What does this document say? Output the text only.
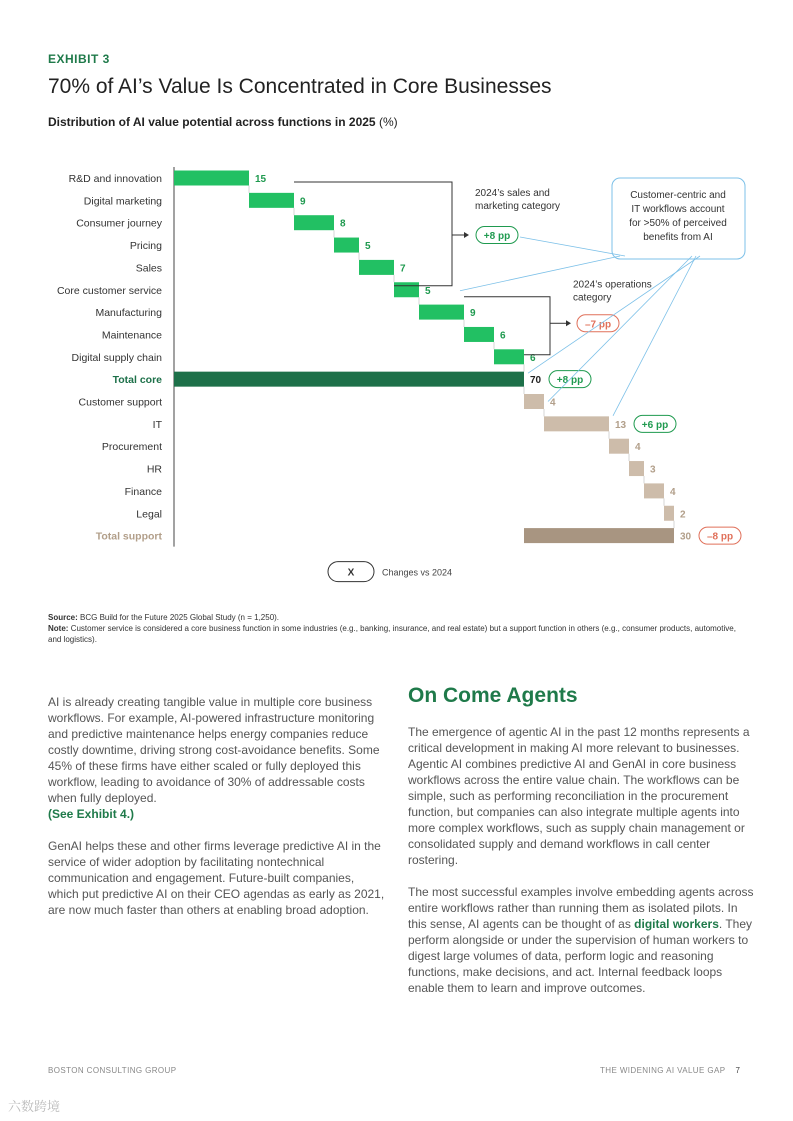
EXHIBIT 3
70% of AI’s Value Is Concentrated in Core Businesses
Distribution of AI value potential across functions in 2025 (%)
R&D and innovation	15
Digital marketing	9
Consumer journey	8
Pricing	5
Sales	7
Core customer service	5
Manufacturing	9
Maintenance	6
Digital supply chain	6
Total core	70
Customer support	4
IT	13
Procurement	4
HR	3
Finance	4
Legal	2
Total support	30
+8 pp
+6 pp
–8 pp
2024’s sales and
marketing category
+8 pp
2024’s operations
category
–7 pp
Customer-centric and
IT workflows account
for >50% of perceived
benefits from AI
X	Changes vs 2024
Source: BCG Build for the Future 2025 Global Study (n = 1,250).
Note: Customer service is considered a core business function in some industries (e.g., banking, insurance, and real estate) but a support function in others (e.g., consumer products, automotive, and logistics).

AI is already creating tangible value in multiple core business workflows. For example, AI-powered infrastructure monitoring and predictive maintenance helps energy companies reduce costly downtime, driving strong cost-avoidance benefits. Some 45% of these firms have either scaled or fully deployed this workflow, leading to avoidance of 30% of addressable costs when fully deployed.
(See Exhibit 4.)

GenAI helps these and other firms leverage predictive AI in the service of wider adoption by facilitating nontechnical communication and engagement. Future-built companies, which put predictive AI on their CEO agendas as early as 2021, are now much faster than others at enabling broad adoption.

On Come Agents

The emergence of agentic AI in the past 12 months represents a critical development in making AI more relevant to businesses. Agentic AI combines predictive AI and GenAI in core business workflows across the entire value chain. The workflows can be simple, such as performing reconciliation in the procurement function, but companies can also integrate multiple agents into more complex workflows, such as supply chain management or consolidated supply and demand workflows in call center rostering.

The most successful examples involve embedding agents across entire workflows rather than running them as isolated pilots. In this sense, AI agents can be thought of as digital workers. They perform alongside or under the supervision of human workers to digest large volumes of data, perform logic and reasoning functions, make decisions, and act. Internal feedback loops enable them to learn and improve outcomes.

BOSTON CONSULTING GROUP	THE WIDENING AI VALUE GAP 7
六数跨境
